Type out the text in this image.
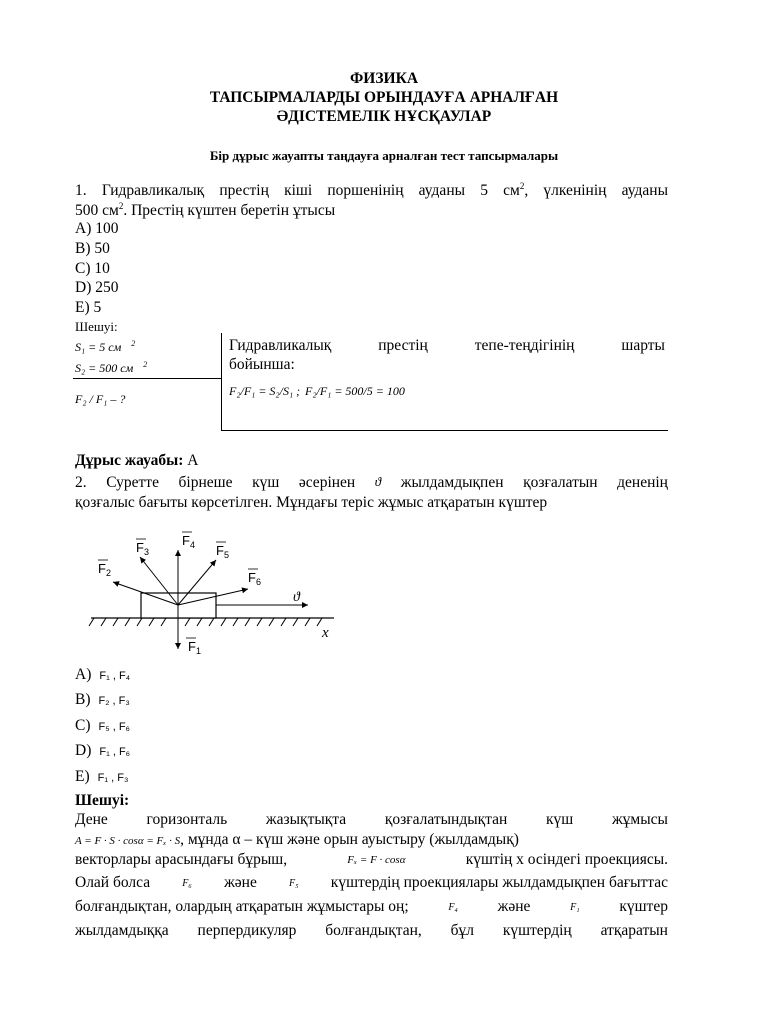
ФИЗИКА
ТАПСЫРМАЛАРДЫ ОРЫНДАУҒА АРНАЛҒАН
ӘДІСТЕМЕЛІК НҰСҚАУЛАР
Бір дұрыс жауапты таңдауға арналған тест тапсырмалары
1. Гидравликалық престің кіші поршенінің ауданы 5 $см^2$, үлкенінің ауданы
500 $см^2$. Престің күштен беретін ұтысы
A) 100
B) 50
C) 10
D) 250
E) 5
Шешуі:
S₁ = 5 см $^2$
S₂ = 500 см $^2$
F₂ / F₁ – ?
Гидравликалық	престің	тепе-теңдігінің	шарты
бойынша:
F₂/F₁ = S₂/S₁ ; F₂/F₁ = 500/5 = 100
Дұрыс жауабы: A
2. Суретте бірнеше күш әсерінен ϑ жылдамдықпен қозғалатын дененің
қозғалыс бағыты көрсетілген. Мұндағы теріс жұмыс атқаратын күштер
x
$F_1$
$F_2$
$F_3$
$F_4$ $F_5$
$F_6$
ϑ
A) F₁ , F₄
B) F₂ , F₃
C) F₅ , F₆
D) F₁ , F₆
E) F₁ , F₃
Шешуі:
Дене горизонталь жазықтықта қозғалатындықтан күш жұмысы
A = F · S · cosα = Fₓ · S, мұнда α – күш және орын ауыстыру (жылдамдық)
векторлары арасындағы бұрыш,	Fₓ = F · cosα	күштің x осіндегі проекциясы.
Олай болса	F₆ және	F₅ күштердің проекциялары жылдамдықпен бағыттас
болғандықтан, олардың атқаратын жұмыстары оң;	F₄	және	F₁	күштер
жылдамдыққа перпердикуляр болғандықтан, бұл күштердің атқаратын
